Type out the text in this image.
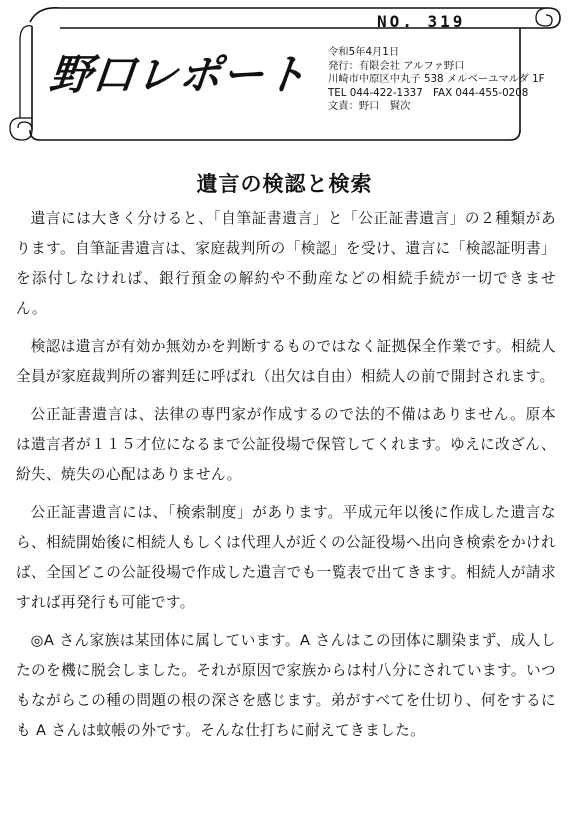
NO. 319
野口レポート 令和5年4月1日
発行：有限会社 アルファ野口
川崎市中原区中丸子 538 メルベーユマルダ 1F
TEL 044-422-1337　FAX 044-455-0208
文責：野口　賢次
遺言の検認と検索

遺言には大きく分けると、「自筆証書遺言」と「公正証書遺言」の２種類があります。自筆証書遺言は、家庭裁判所の「検認」を受け、遺言に「検認証明書」を添付しなければ、銀行預金の解約や不動産などの相続手続が一切できません。

検認は遺言が有効か無効かを判断するものではなく証拠保全作業です。相続人全員が家庭裁判所の審判廷に呼ばれ（出欠は自由）相続人の前で開封されます。

公正証書遺言は、法律の専門家が作成するので法的不備はありません。原本は遺言者が１１５才位になるまで公証役場で保管してくれます。ゆえに改ざん、紛失、焼失の心配はありません。

公正証書遺言には、「検索制度」があります。平成元年以後に作成した遺言なら、相続開始後に相続人もしくは代理人が近くの公証役場へ出向き検索をかければ、全国どこの公証役場で作成した遺言でも一覧表で出てきます。相続人が請求すれば再発行も可能です。

◎A さん家族は某団体に属しています。A さんはこの団体に馴染まず、成人したのを機に脱会しました。それが原因で家族からは村八分にされています。いつもながらこの種の問題の根の深さを感じます。弟がすべてを仕切り、何をするにも A さんは蚊帳の外です。そんな仕打ちに耐えてきました。
